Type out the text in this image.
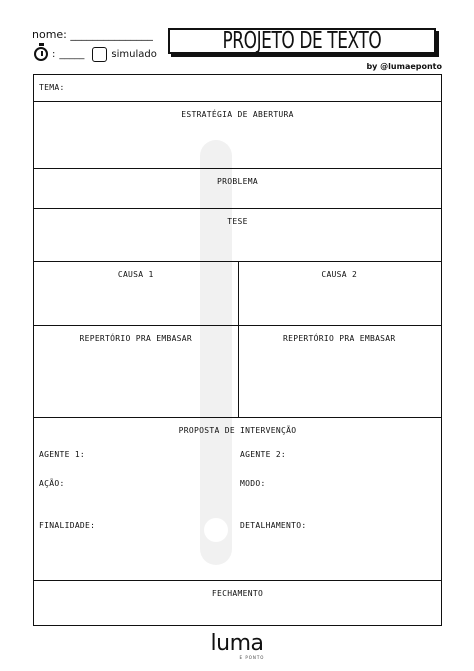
nome: _______________
: _____	simulado	PROJETO DE TEXTO
by @lumaeponto
TEMA:
ESTRATÉGIA DE ABERTURA
PROBLEMA
TESE
CAUSA 1	CAUSA 2
REPERTÓRIO PRA EMBASAR	REPERTÓRIO PRA EMBASAR
PROPOSTA DE INTERVENÇÃO
AGENTE 1:	AGENTE 2:
AÇÃO:	MODO:
FINALIDADE:	DETALHAMENTO:
FECHAMENTO
luma
E PONTO
